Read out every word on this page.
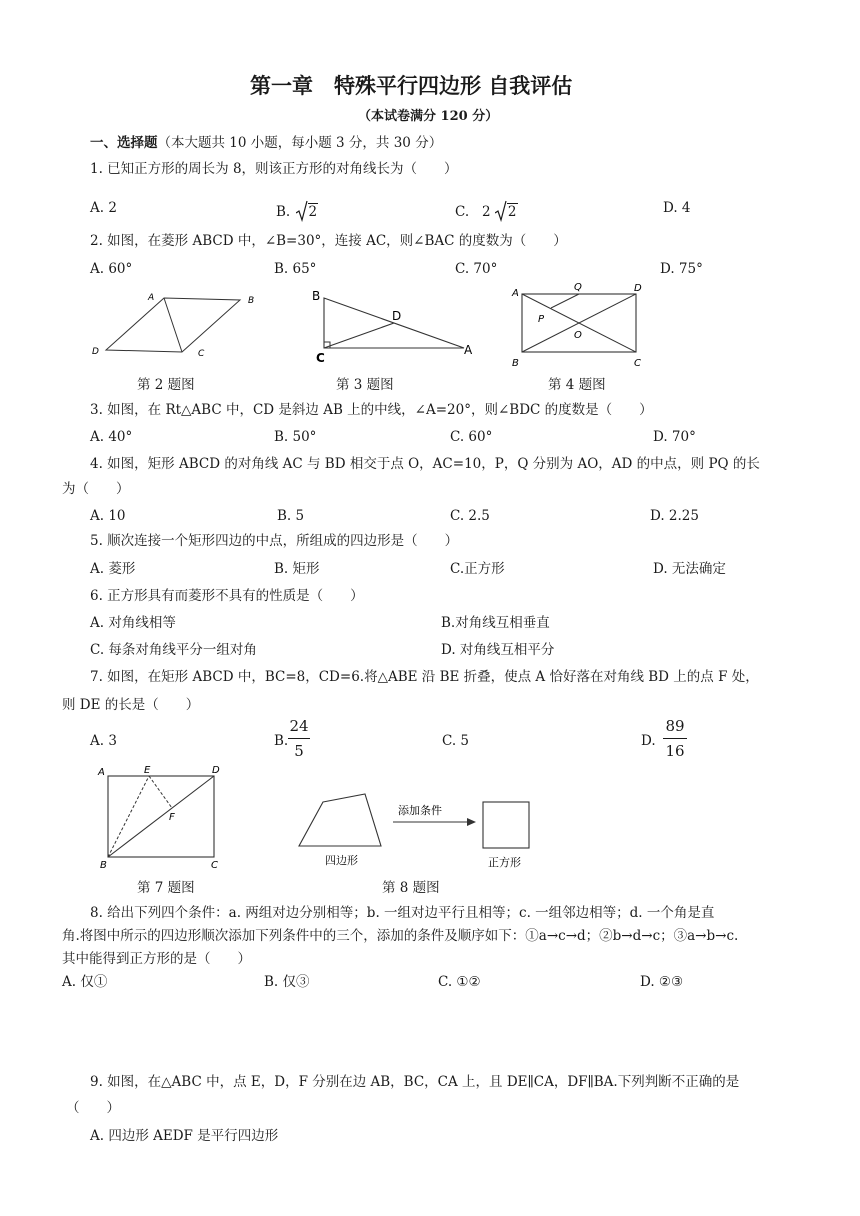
第一章　特殊平行四边形 自我评估
（本试卷满分 120 分）
一、选择题（本大题共 10 小题，每小题 3 分，共 30 分）
1. 已知正方形的周长为 8，则该正方形的对角线长为（　　）
A. 2	B. 2	C. 2 2	D. 4
2. 如图，在菱形 ABCD 中，∠B=30°，连接 AC，则∠BAC 的度数为（　　）
A. 60°	B. 65°	C. 70°	D. 75°
A	B
C
D
第 2 题图
B
D
C
A
第 3 题图
A
Q	D
P
O
B	C
第 4 题图
3. 如图，在 Rt△ABC 中，CD 是斜边 AB 上的中线，∠A=20°，则∠BDC 的度数是（　　）
A. 40°	B. 50°	C. 60°	D. 70°
4. 如图，矩形 ABCD 的对角线 AC 与 BD 相交于点 O，AC=10，P，Q 分别为 AO，AD 的中点，则 PQ 的长
为（　　）
A. 10	B. 5	C. 2.5	D. 2.25
5. 顺次连接一个矩形四边的中点，所组成的四边形是（　　）
A. 菱形	B. 矩形	C.正方形	D. 无法确定
6. 正方形具有而菱形不具有的性质是（　　）
A. 对角线相等	B.对角线互相垂直
C. 每条对角线平分一组对角	D. 对角线互相平分
7. 如图，在矩形 ABCD 中，BC=8，CD=6.将△ABE 沿 BE 折叠，使点 A 恰好落在对角线 BD 上的点 F 处，
则 DE 的长是（　　）
A. 3	B.
24
5
C. 5	D.
89
16
A	E	D
F
B	C
第 7 题图
添加条件
四边形	正方形
第 8 题图
8. 给出下列四个条件：a. 两组对边分别相等；b. 一组对边平行且相等；c. 一组邻边相等；d. 一个角是直
角.将图中所示的四边形顺次添加下列条件中的三个，添加的条件及顺序如下：①a→c→d；②b→d→c；③a→b→c.
其中能得到正方形的是（　　）
A. 仅①	B. 仅③	C. ①②	D. ②③
9. 如图，在△ABC 中，点 E，D，F 分别在边 AB，BC，CA 上，且 DE∥CA，DF∥BA.下列判断不正确的是
（　　）
A. 四边形 AEDF 是平行四边形
